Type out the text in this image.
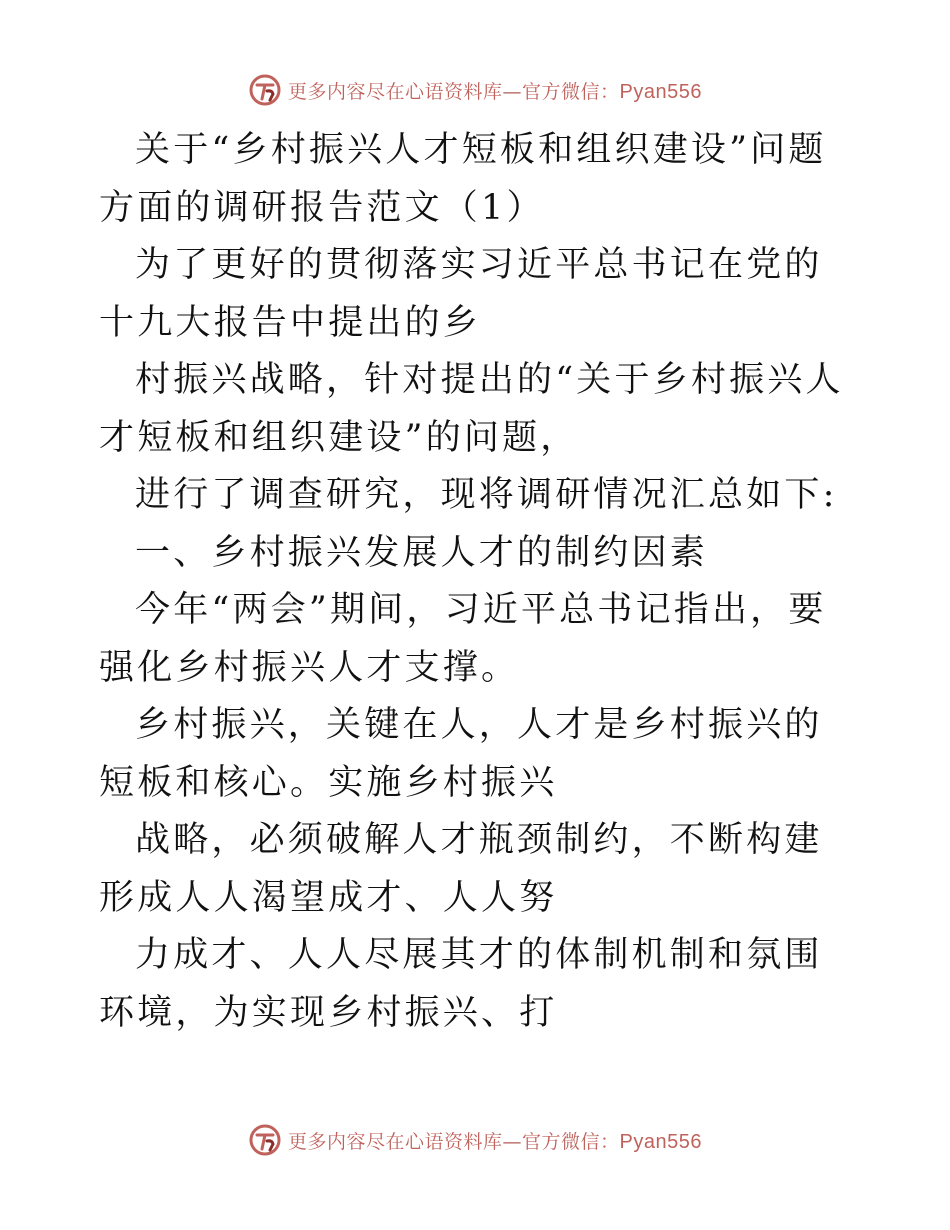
更多内容尽在心语资料库—官方微信：Pyan556

关于“乡村振兴人才短板和组织建设”问题方面的调研报告范文（1）

为了更好的贯彻落实习近平总书记在党的十九大报告中提出的乡

村振兴战略，针对提出的“关于乡村振兴人才短板和组织建设”的问题，

进行了调查研究，现将调研情况汇总如下:

一、乡村振兴发展人才的制约因素

今年“两会”期间，习近平总书记指出，要强化乡村振兴人才支撑。

乡村振兴，关键在人，人才是乡村振兴的短板和核心。实施乡村振兴

战略，必须破解人才瓶颈制约，不断构建形成人人渴望成才、人人努

力成才、人人尽展其才的体制机制和氛围环境，为实现乡村振兴、打

更多内容尽在心语资料库—官方微信：Pyan556
